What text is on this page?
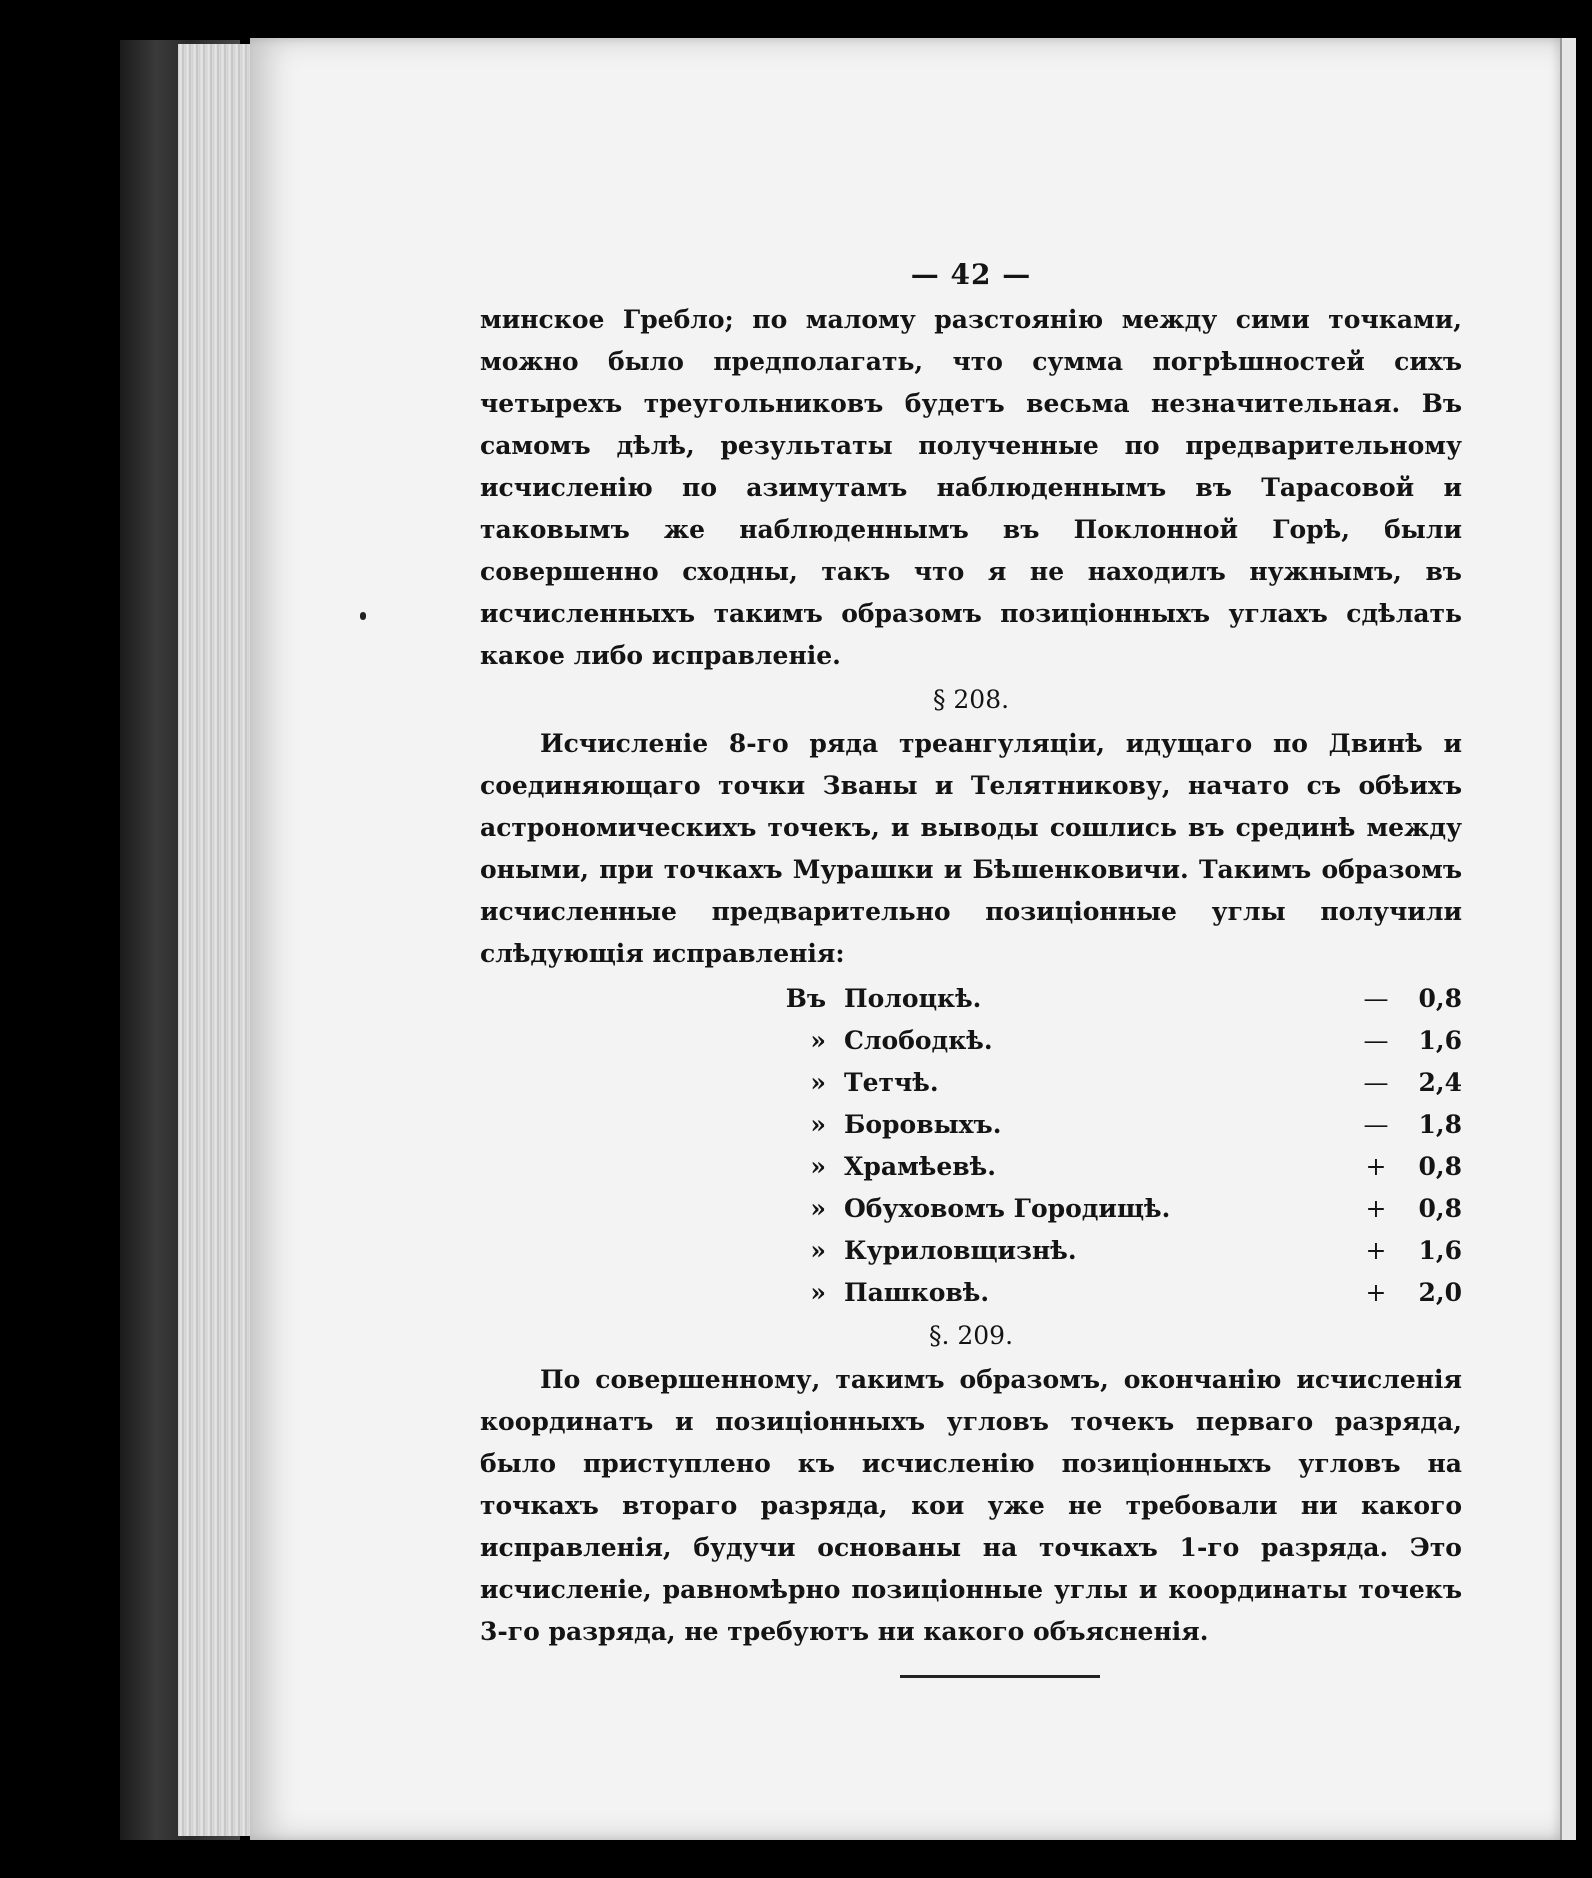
— 42 —

минское Гребло; по малому разстоянію между сими точками, можно было предполагать, что сумма погрѣшностей сихъ четырехъ треугольниковъ будетъ весьма незначительная. Въ самомъ дѣлѣ, результаты полученные по предварительному исчисленію по азимутамъ наблюденнымъ въ Тарасовой и таковымъ же наблюденнымъ въ Поклонной Горѣ, были совершенно сходны, такъ что я не находилъ нужнымъ, въ исчисленныхъ такимъ образомъ позиціонныхъ углахъ сдѣлать какое либо исправленіе.

§ 208.

Исчисленіе 8-го ряда треангуляціи, идущаго по Двинѣ и соединяющаго точки Званы и Телятникову, начато съ обѣихъ астрономическихъ точекъ, и выводы сошлись въ срединѣ между оными, при точкахъ Мурашки и Бѣшенковичи. Такимъ образомъ исчисленные предварительно позиціонные углы получили слѣдующія исправленія:

Въ	Полоцкѣ.	—	0,8
»	Слободкѣ.	—	1,6
»	Тетчѣ.	—	2,4
»	Боровыхъ.	—	1,8
»	Храмѣевѣ.	+	0,8
»	Обуховомъ Городищѣ.	+	0,8
»	Куриловщизнѣ.	+	1,6
»	Пашковѣ.	+	2,0
§. 209.

По совершенному, такимъ образомъ, окончанію исчисленія координатъ и позиціонныхъ угловъ точекъ перваго разряда, было приступлено къ исчисленію позиціонныхъ угловъ на точкахъ втораго разряда, кои уже не требовали ни какого исправленія, будучи основаны на точкахъ 1-го разряда. Это исчисленіе, равномѣрно позиціонные углы и координаты точекъ 3-го разряда, не требуютъ ни какого объясненія.
